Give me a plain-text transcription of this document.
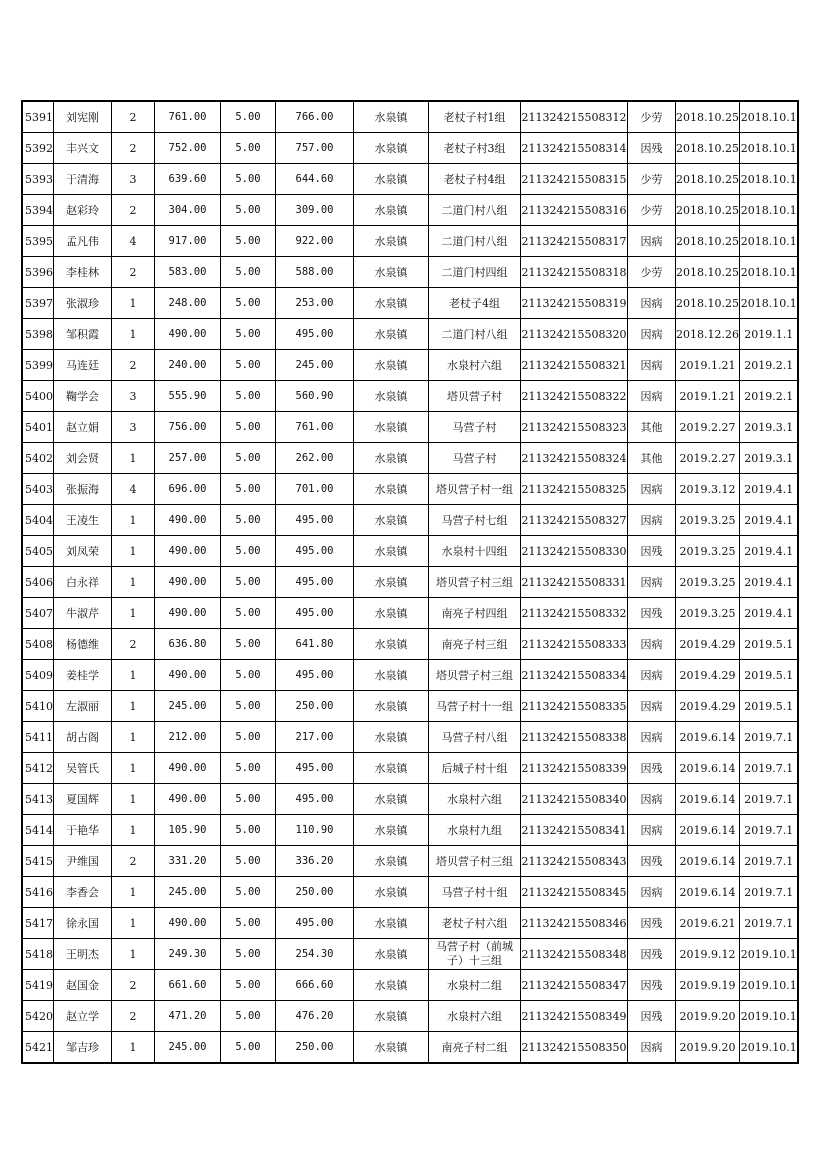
5391	刘宪刚	2	761.00	5.00	766.00	水泉镇	老杖子村1组	211324215508312	少劳	2018.10.25	2018.10.1
5392	丰兴文	2	752.00	5.00	757.00	水泉镇	老杖子村3组	211324215508314	因残	2018.10.25	2018.10.1
5393	于清海	3	639.60	5.00	644.60	水泉镇	老杖子村4组	211324215508315	少劳	2018.10.25	2018.10.1
5394	赵彩玲	2	304.00	5.00	309.00	水泉镇	二道门村八组	211324215508316	少劳	2018.10.25	2018.10.1
5395	孟凡伟	4	917.00	5.00	922.00	水泉镇	二道门村八组	211324215508317	因病	2018.10.25	2018.10.1
5396	李桂林	2	583.00	5.00	588.00	水泉镇	二道门村四组	211324215508318	少劳	2018.10.25	2018.10.1
5397	张淑珍	1	248.00	5.00	253.00	水泉镇	老杖子4组	211324215508319	因病	2018.10.25	2018.10.1
5398	邹积霞	1	490.00	5.00	495.00	水泉镇	二道门村八组	211324215508320	因病	2018.12.26	2019.1.1
5399	马连廷	2	240.00	5.00	245.00	水泉镇	水泉村六组	211324215508321	因病	2019.1.21	2019.2.1
5400	鞠学会	3	555.90	5.00	560.90	水泉镇	塔贝营子村	211324215508322	因病	2019.1.21	2019.2.1
5401	赵立娟	3	756.00	5.00	761.00	水泉镇	马营子村	211324215508323	其他	2019.2.27	2019.3.1
5402	刘会贤	1	257.00	5.00	262.00	水泉镇	马营子村	211324215508324	其他	2019.2.27	2019.3.1
5403	张振海	4	696.00	5.00	701.00	水泉镇	塔贝营子村一组	211324215508325	因病	2019.3.12	2019.4.1
5404	王凌生	1	490.00	5.00	495.00	水泉镇	马营子村七组	211324215508327	因病	2019.3.25	2019.4.1
5405	刘凤荣	1	490.00	5.00	495.00	水泉镇	水泉村十四组	211324215508330	因残	2019.3.25	2019.4.1
5406	白永祥	1	490.00	5.00	495.00	水泉镇	塔贝营子村三组	211324215508331	因病	2019.3.25	2019.4.1
5407	牛淑芹	1	490.00	5.00	495.00	水泉镇	南亮子村四组	211324215508332	因残	2019.3.25	2019.4.1
5408	杨德维	2	636.80	5.00	641.80	水泉镇	南亮子村三组	211324215508333	因病	2019.4.29	2019.5.1
5409	姜桂学	1	490.00	5.00	495.00	水泉镇	塔贝营子村三组	211324215508334	因病	2019.4.29	2019.5.1
5410	左淑丽	1	245.00	5.00	250.00	水泉镇	马营子村十一组	211324215508335	因病	2019.4.29	2019.5.1
5411	胡占阁	1	212.00	5.00	217.00	水泉镇	马营子村八组	211324215508338	因病	2019.6.14	2019.7.1
5412	吴管氏	1	490.00	5.00	495.00	水泉镇	后城子村十组	211324215508339	因残	2019.6.14	2019.7.1
5413	夏国辉	1	490.00	5.00	495.00	水泉镇	水泉村六组	211324215508340	因病	2019.6.14	2019.7.1
5414	于艳华	1	105.90	5.00	110.90	水泉镇	水泉村九组	211324215508341	因病	2019.6.14	2019.7.1
5415	尹维国	2	331.20	5.00	336.20	水泉镇	塔贝营子村三组	211324215508343	因残	2019.6.14	2019.7.1
5416	李香会	1	245.00	5.00	250.00	水泉镇	马营子村十组	211324215508345	因病	2019.6.14	2019.7.1
5417	徐永国	1	490.00	5.00	495.00	水泉镇	老杖子村六组	211324215508346	因残	2019.6.21	2019.7.1
5418	王明杰	1	249.30	5.00	254.30	水泉镇	马营子村（前城子）十三组	211324215508348	因残	2019.9.12	2019.10.1
5419	赵国金	2	661.60	5.00	666.60	水泉镇	水泉村二组	211324215508347	因残	2019.9.19	2019.10.1
5420	赵立学	2	471.20	5.00	476.20	水泉镇	水泉村六组	211324215508349	因残	2019.9.20	2019.10.1
5421	邹吉珍	1	245.00	5.00	250.00	水泉镇	南亮子村二组	211324215508350	因病	2019.9.20	2019.10.1
